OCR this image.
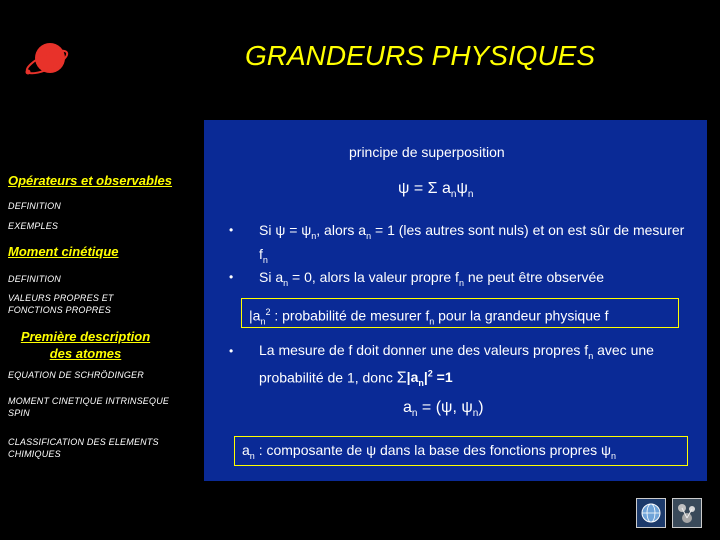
GRANDEURS PHYSIQUES
Opérateurs et observables
DEFINITION
EXEMPLES
Moment cinétique
DEFINITION
VALEURS PROPRES ET FONCTIONS PROPRES
Première description des atomes
EQUATION DE SCHRÖDINGER
MOMENT CINETIQUE INTRINSEQUE SPIN
CLASSIFICATION DES ELEMENTS CHIMIQUES
principe de superposition
ψ = Σ $a_n\psi_n$
• Si $\psi = \psi_n$, alors $a_n = 1$ (les autres sont nuls) et on est sûr de mesurer $f_n$
• Si $a_n = 0$, alors la valeur propre $f_n$ ne peut être observée
$|a_n^2$ : probabilité de mesurer $f_n$ pour la grandeur physique f
• La mesure de f doit donner une des valeurs propres $f_n$ avec une probabilité de 1, donc $\Sigma|a_n|^2 =1$
$a_n = (\psi$, $\psi_n$)
$a_n$ : composante de ψ dans la base des fonctions propres $\psi_n$
